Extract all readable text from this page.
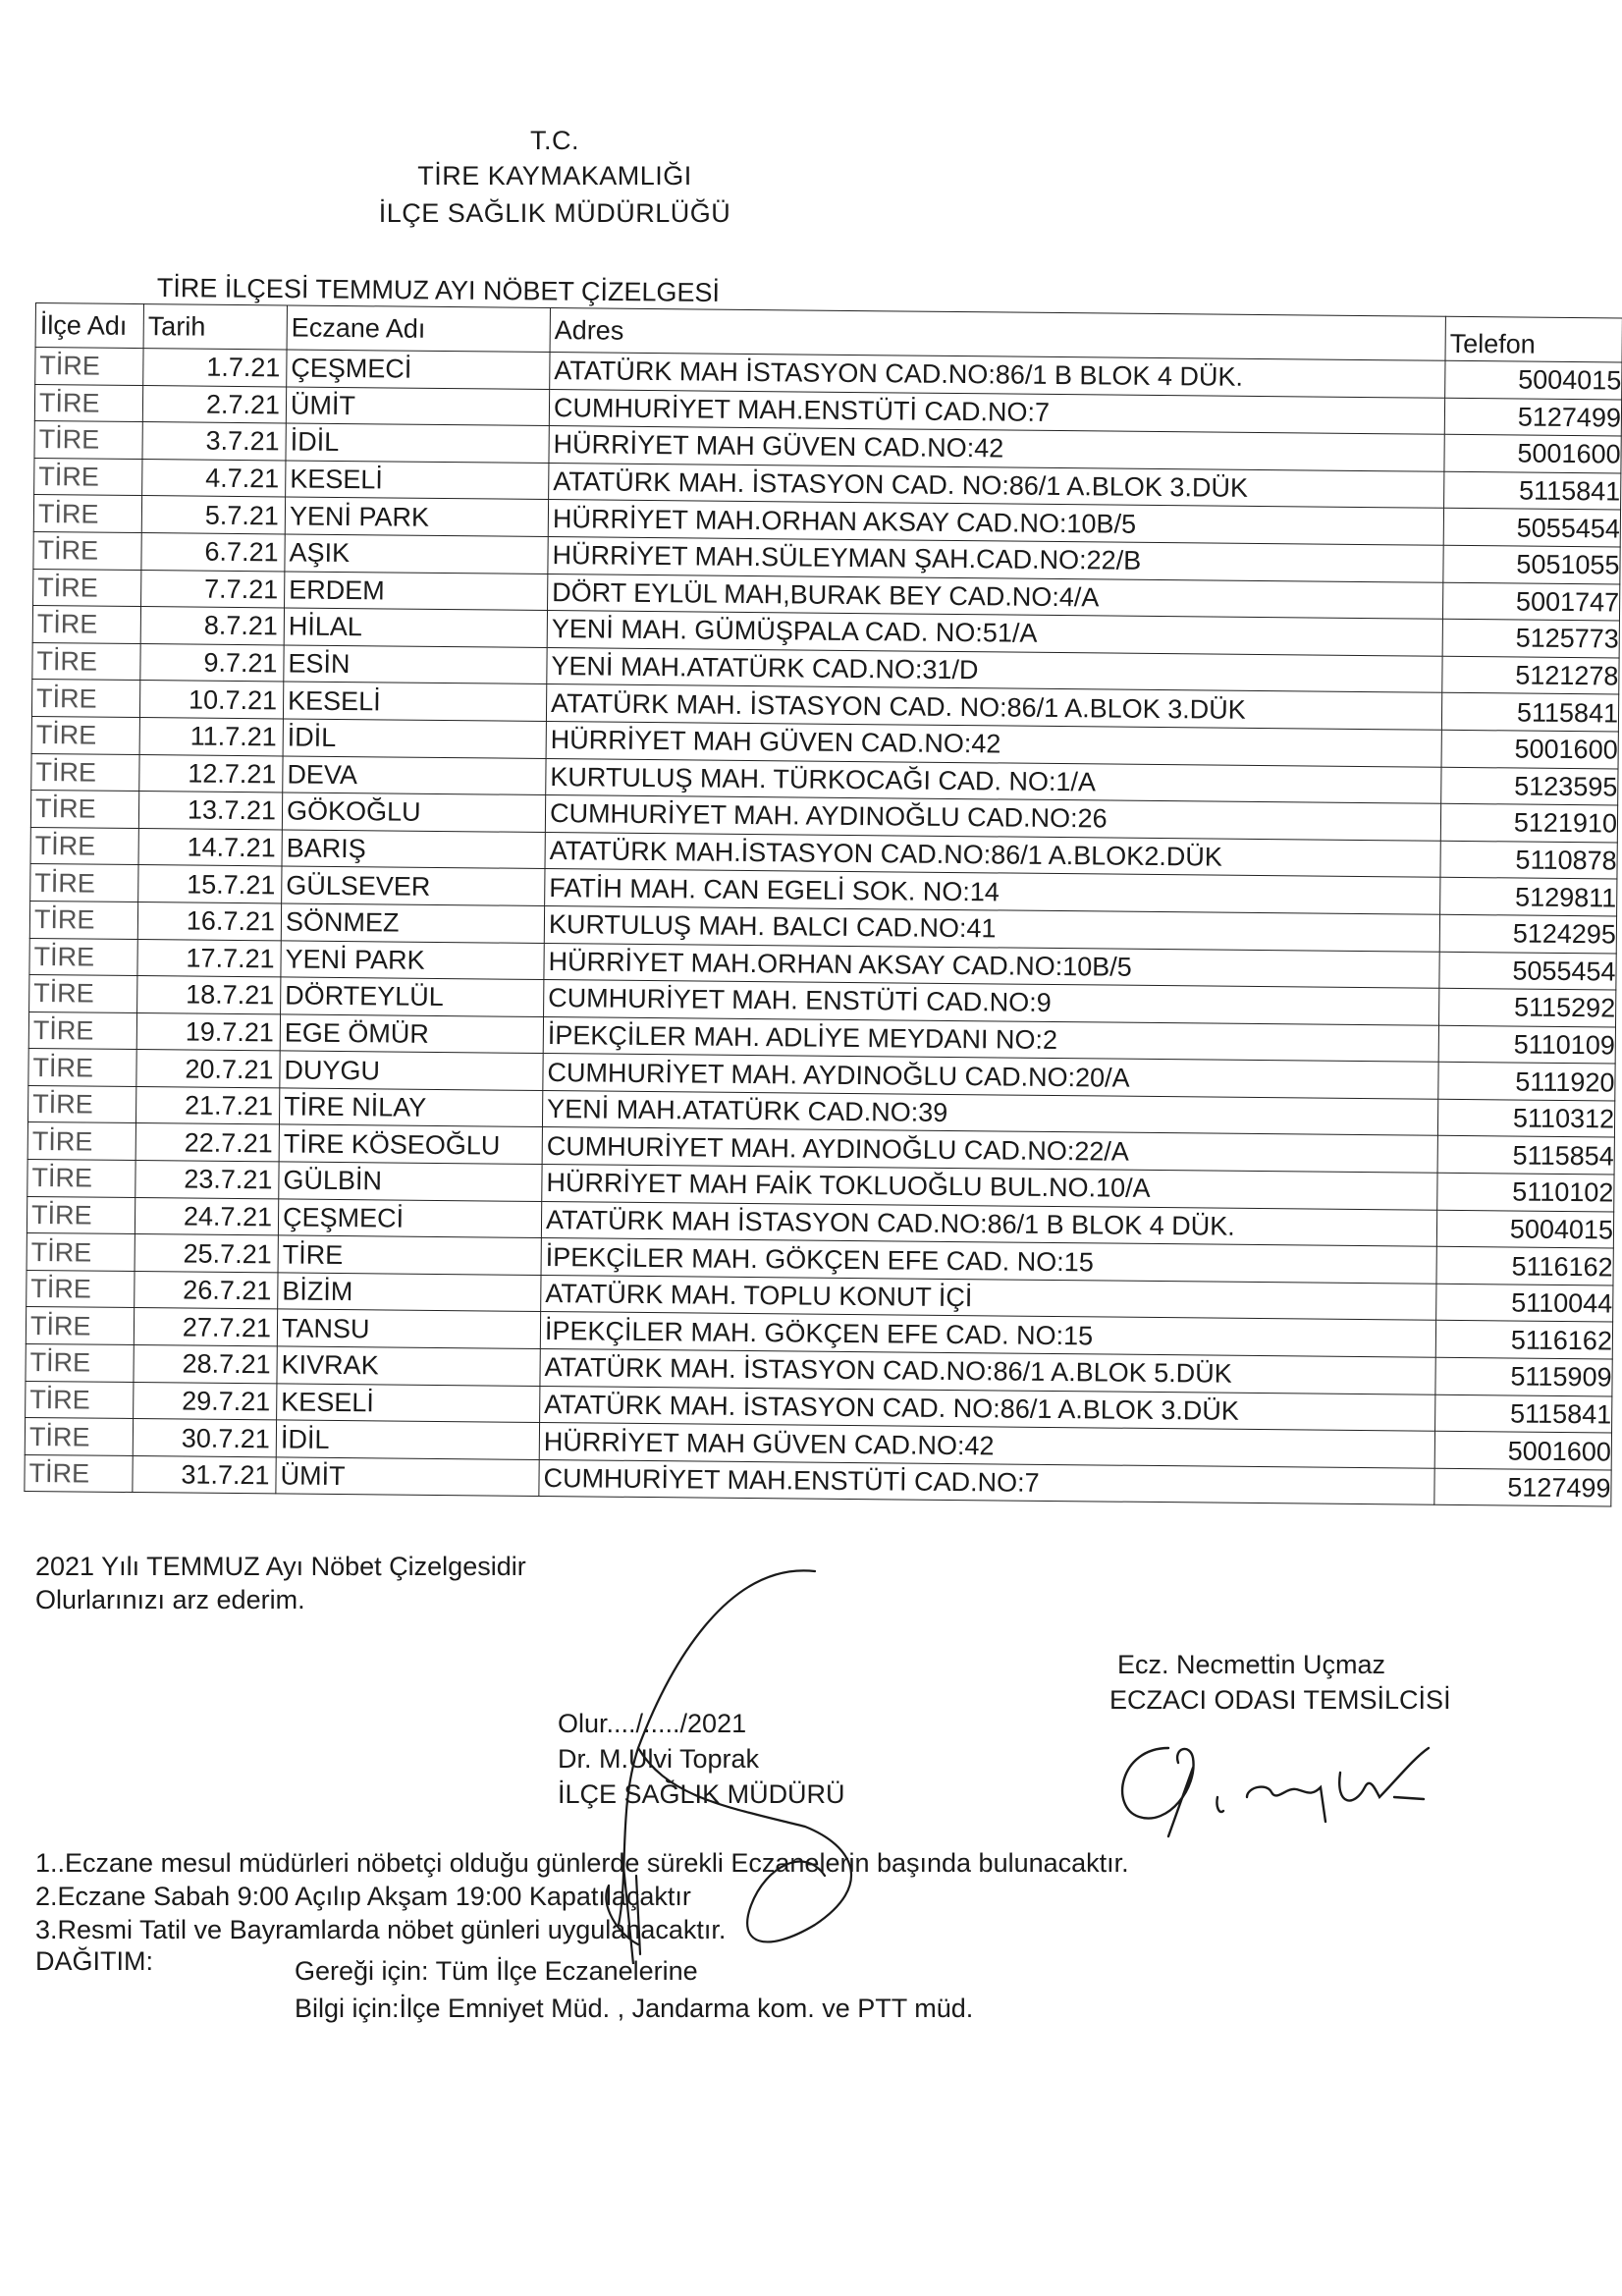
T.C.
TİRE KAYMAKAMLIĞI
İLÇE SAĞLIK MÜDÜRLÜĞÜ
TİRE İLÇESİ TEMMUZ AYI NÖBET ÇİZELGESİ
İlçe Adı	Tarih	Eczane Adı	Adres	Telefon
TİRE	1.7.21	ÇEŞMECİ	ATATÜRK MAH İSTASYON CAD.NO:86/1 B BLOK 4 DÜK.	5004015
TİRE	2.7.21	ÜMİT	CUMHURİYET MAH.ENSTÜTİ CAD.NO:7	5127499
TİRE	3.7.21	İDİL	HÜRRİYET MAH GÜVEN CAD.NO:42	5001600
TİRE	4.7.21	KESELİ	ATATÜRK MAH. İSTASYON CAD. NO:86/1 A.BLOK 3.DÜK	5115841
TİRE	5.7.21	YENİ PARK	HÜRRİYET MAH.ORHAN AKSAY CAD.NO:10B/5	5055454
TİRE	6.7.21	AŞIK	HÜRRİYET MAH.SÜLEYMAN ŞAH.CAD.NO:22/B	5051055
TİRE	7.7.21	ERDEM	DÖRT EYLÜL MAH,BURAK BEY CAD.NO:4/A	5001747
TİRE	8.7.21	HİLAL	YENİ MAH. GÜMÜŞPALA CAD. NO:51/A	5125773
TİRE	9.7.21	ESİN	YENİ MAH.ATATÜRK CAD.NO:31/D	5121278
TİRE	10.7.21	KESELİ	ATATÜRK MAH. İSTASYON CAD. NO:86/1 A.BLOK 3.DÜK	5115841
TİRE	11.7.21	İDİL	HÜRRİYET MAH GÜVEN CAD.NO:42	5001600
TİRE	12.7.21	DEVA	KURTULUŞ MAH. TÜRKOCAĞI CAD. NO:1/A	5123595
TİRE	13.7.21	GÖKOĞLU	CUMHURİYET MAH. AYDINOĞLU CAD.NO:26	5121910
TİRE	14.7.21	BARIŞ	ATATÜRK MAH.İSTASYON CAD.NO:86/1 A.BLOK2.DÜK	5110878
TİRE	15.7.21	GÜLSEVER	FATİH MAH. CAN EGELİ SOK. NO:14	5129811
TİRE	16.7.21	SÖNMEZ	KURTULUŞ MAH. BALCI CAD.NO:41	5124295
TİRE	17.7.21	YENİ PARK	HÜRRİYET MAH.ORHAN AKSAY CAD.NO:10B/5	5055454
TİRE	18.7.21	DÖRTEYLÜL	CUMHURİYET MAH. ENSTÜTİ CAD.NO:9	5115292
TİRE	19.7.21	EGE ÖMÜR	İPEKÇİLER MAH. ADLİYE MEYDANI NO:2	5110109
TİRE	20.7.21	DUYGU	CUMHURİYET MAH. AYDINOĞLU CAD.NO:20/A	5111920
TİRE	21.7.21	TİRE NİLAY	YENİ MAH.ATATÜRK CAD.NO:39	5110312
TİRE	22.7.21	TİRE KÖSEOĞLU	CUMHURİYET MAH. AYDINOĞLU CAD.NO:22/A	5115854
TİRE	23.7.21	GÜLBİN	HÜRRİYET MAH FAİK TOKLUOĞLU BUL.NO.10/A	5110102
TİRE	24.7.21	ÇEŞMECİ	ATATÜRK MAH İSTASYON CAD.NO:86/1 B BLOK 4 DÜK.	5004015
TİRE	25.7.21	TİRE	İPEKÇİLER MAH. GÖKÇEN EFE CAD. NO:15	5116162
TİRE	26.7.21	BİZİM	ATATÜRK MAH. TOPLU KONUT İÇİ	5110044
TİRE	27.7.21	TANSU	İPEKÇİLER MAH. GÖKÇEN EFE CAD. NO:15	5116162
TİRE	28.7.21	KIVRAK	ATATÜRK MAH. İSTASYON CAD.NO:86/1 A.BLOK 5.DÜK	5115909
TİRE	29.7.21	KESELİ	ATATÜRK MAH. İSTASYON CAD. NO:86/1 A.BLOK 3.DÜK	5115841
TİRE	30.7.21	İDİL	HÜRRİYET MAH GÜVEN CAD.NO:42	5001600
TİRE	31.7.21	ÜMİT	CUMHURİYET MAH.ENSTÜTİ CAD.NO:7	5127499
2021 Yılı TEMMUZ Ayı Nöbet Çizelgesidir
Olurlarınızı arz ederim.
Ecz. Necmettin Uçmaz
ECZACI ODASI TEMSİLCİSİ
Olur..../...../2021
Dr. M.Ulvi Toprak
İLÇE SAĞLIK MÜDÜRÜ
1..Eczane mesul müdürleri nöbetçi olduğu günlerde sürekli Eczanelerin başında bulunacaktır.
2.Eczane Sabah 9:00 Açılıp Akşam 19:00 Kapatılaçaktır
3.Resmi Tatil ve Bayramlarda nöbet günleri uygulanacaktır.
DAĞITIM:	Gereği için: Tüm İlçe Eczanelerine
Bilgi için:İlçe Emniyet Müd. , Jandarma kom. ve PTT müd.
